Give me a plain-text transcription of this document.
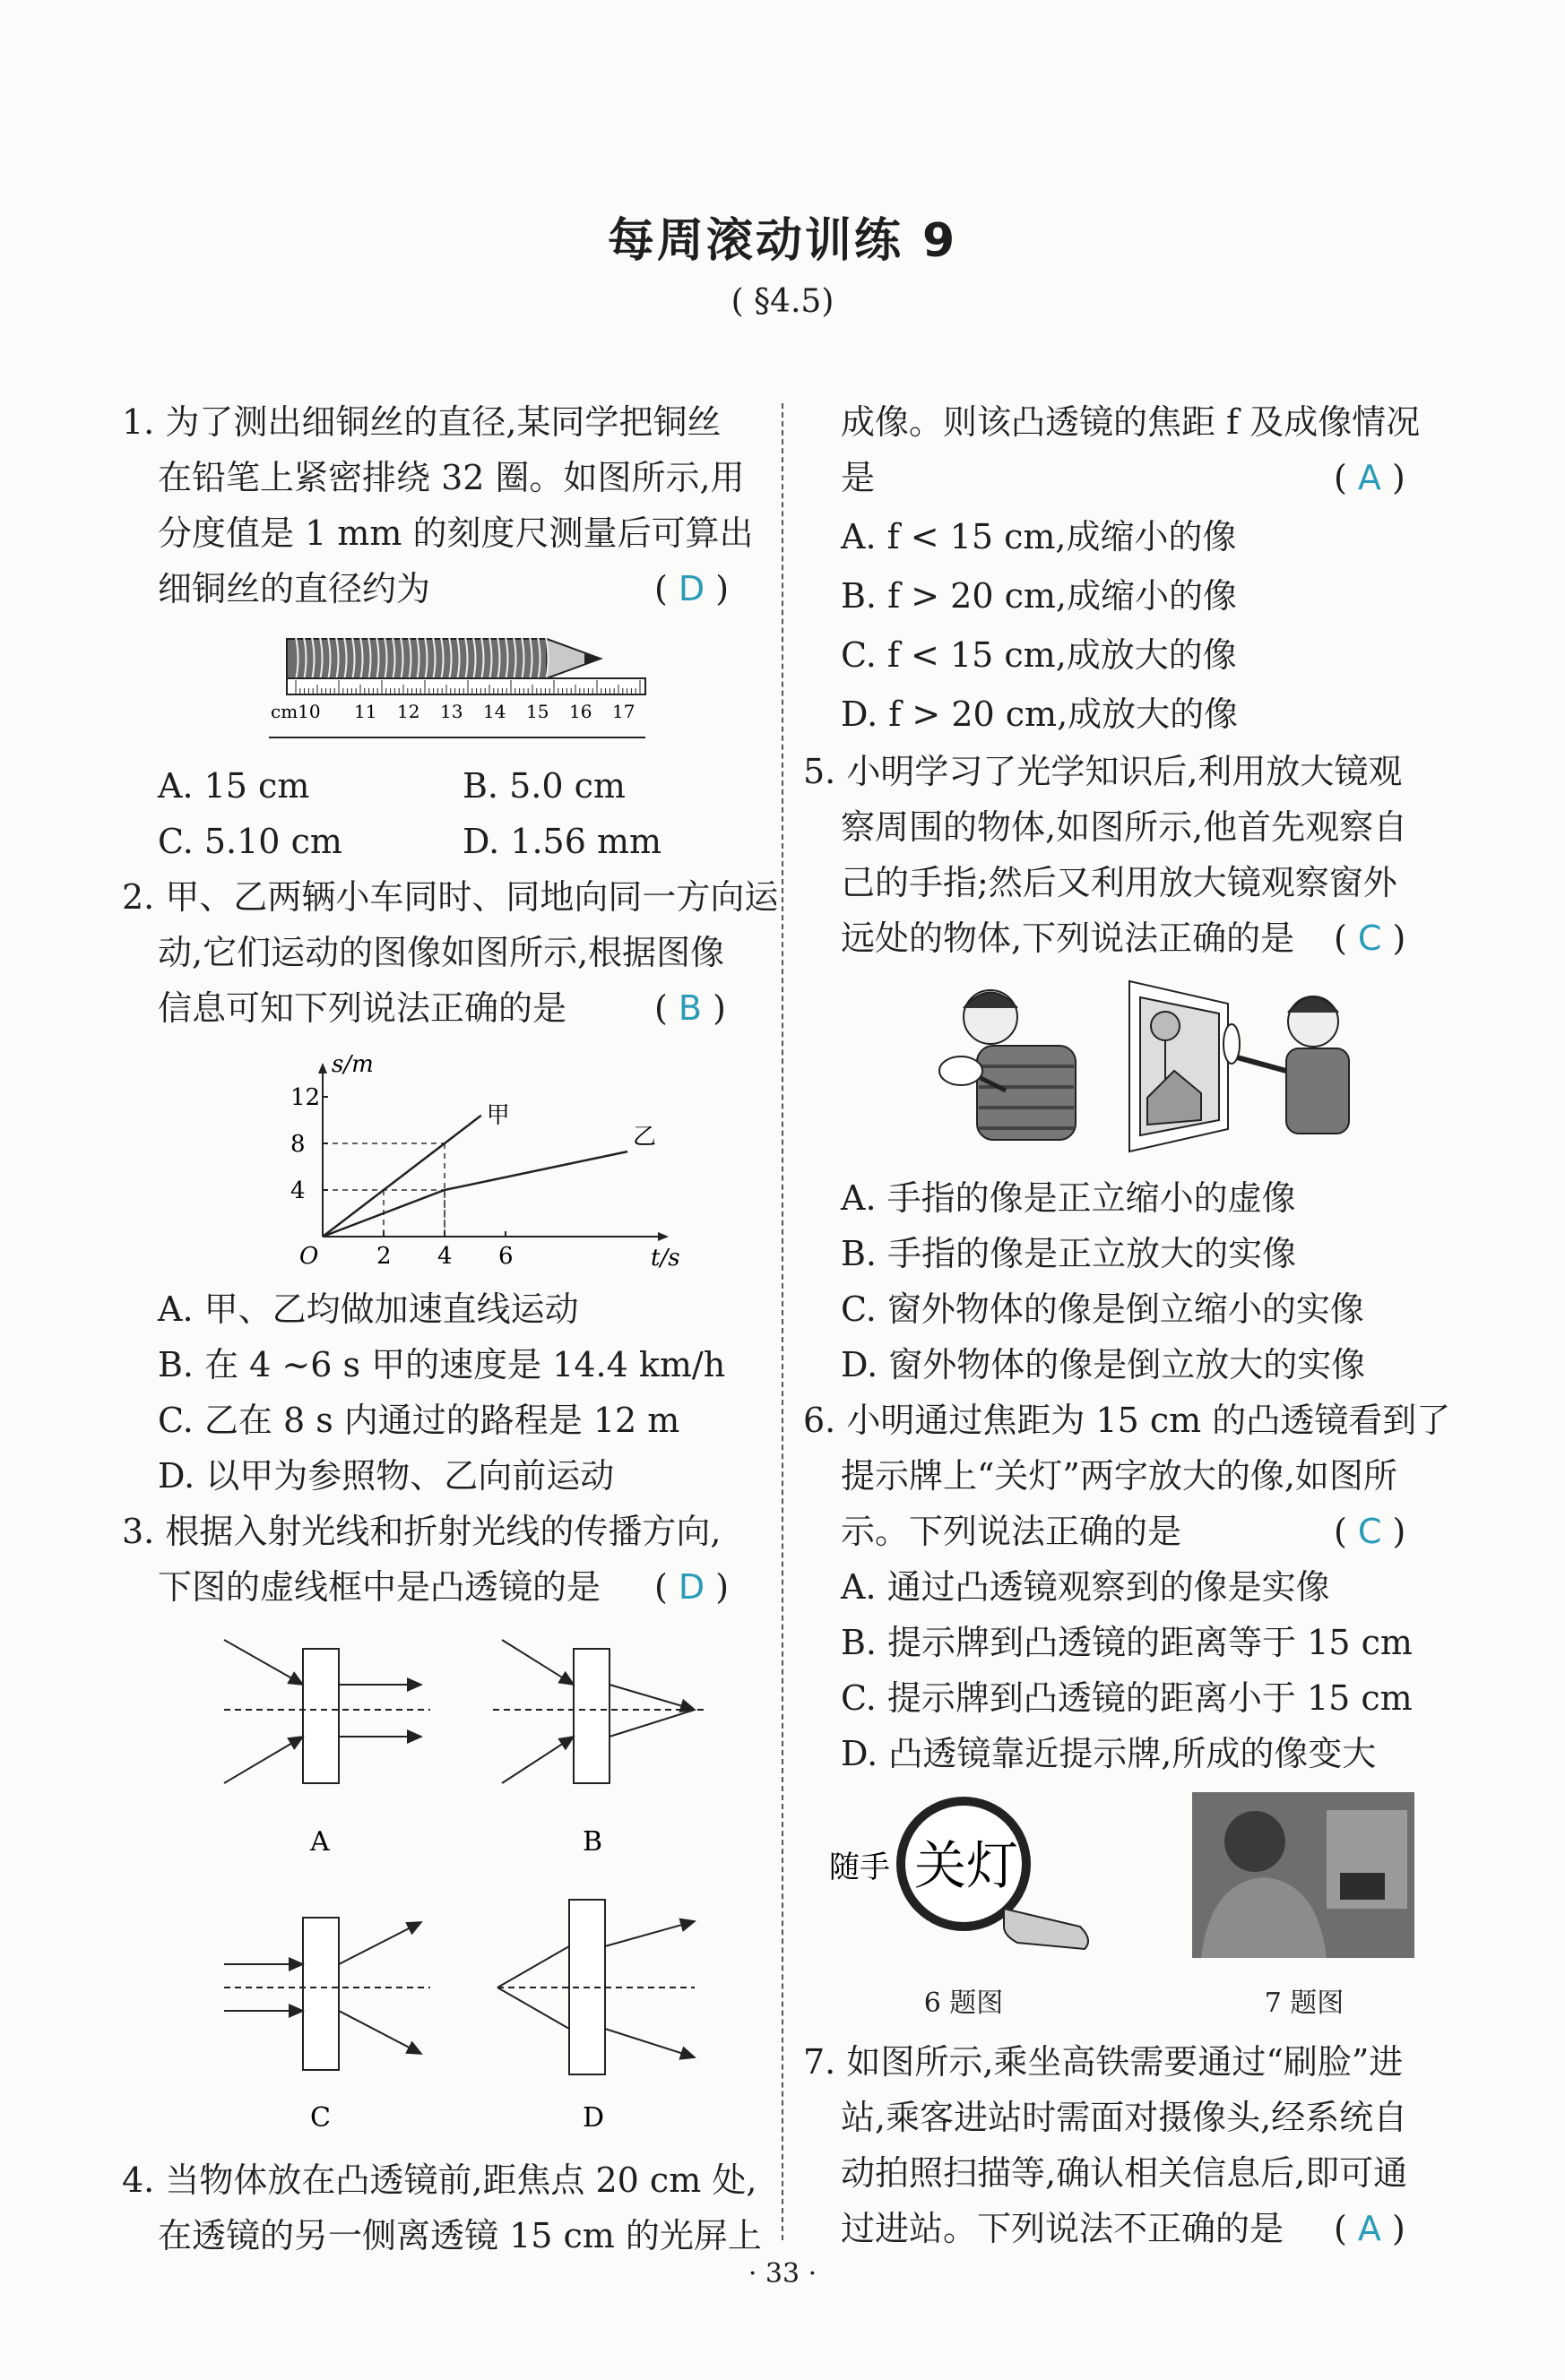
每周滚动训练 9
( §4.5)
1. 为了测出细铜丝的直径,某同学把铜丝
在铅笔上紧密排绕 32 圈。如图所示,用
分度值是 1 mm 的刻度尺测量后可算出
细铜丝的直径约为	( D )
cm10 11 12 13 14 15 16 17
A. 15 cm	B. 5.0 cm
C. 5.10 cm	D. 1.56 mm
2. 甲、乙两辆小车同时、同地向同一方向运
动,它们运动的图像如图所示,根据图像
信息可知下列说法正确的是	( B )
2 4 6
4
8
12
甲
乙
s/m
t/s
O
A. 甲、乙均做加速直线运动
B. 在 4 ~6 s 甲的速度是 14.4 km/h
C. 乙在 8 s 内通过的路程是 12 m
D. 以甲为参照物、乙向前运动
3. 根据入射光线和折射光线的传播方向,
下图的虚线框中是凸透镜的是 ( D )
A	B
C	D
4. 当物体放在凸透镜前,距焦点 20 cm 处,
在透镜的另一侧离透镜 15 cm 的光屏上
成像。则该凸透镜的焦距 f 及成像情况
是	( A )
A. f < 15 cm,成缩小的像
B. f > 20 cm,成缩小的像
C. f < 15 cm,成放大的像
D. f > 20 cm,成放大的像
5. 小明学习了光学知识后,利用放大镜观
察周围的物体,如图所示,他首先观察自
己的手指;然后又利用放大镜观察窗外
远处的物体,下列说法正确的是 ( C )
A. 手指的像是正立缩小的虚像
B. 手指的像是正立放大的实像
C. 窗外物体的像是倒立缩小的实像
D. 窗外物体的像是倒立放大的实像
6. 小明通过焦距为 15 cm 的凸透镜看到了
提示牌上“关灯”两字放大的像,如图所
示。下列说法正确的是	( C )
A. 通过凸透镜观察到的像是实像
B. 提示牌到凸透镜的距离等于 15 cm
C. 提示牌到凸透镜的距离小于 15 cm
D. 凸透镜靠近提示牌,所成的像变大
随手 关灯
6 题图	7 题图
7. 如图所示,乘坐高铁需要通过“刷脸”进
站,乘客进站时需面对摄像头,经系统自
动拍照扫描等,确认相关信息后,即可通
过进站。下列说法不正确的是 ( A )
· 33 ·
